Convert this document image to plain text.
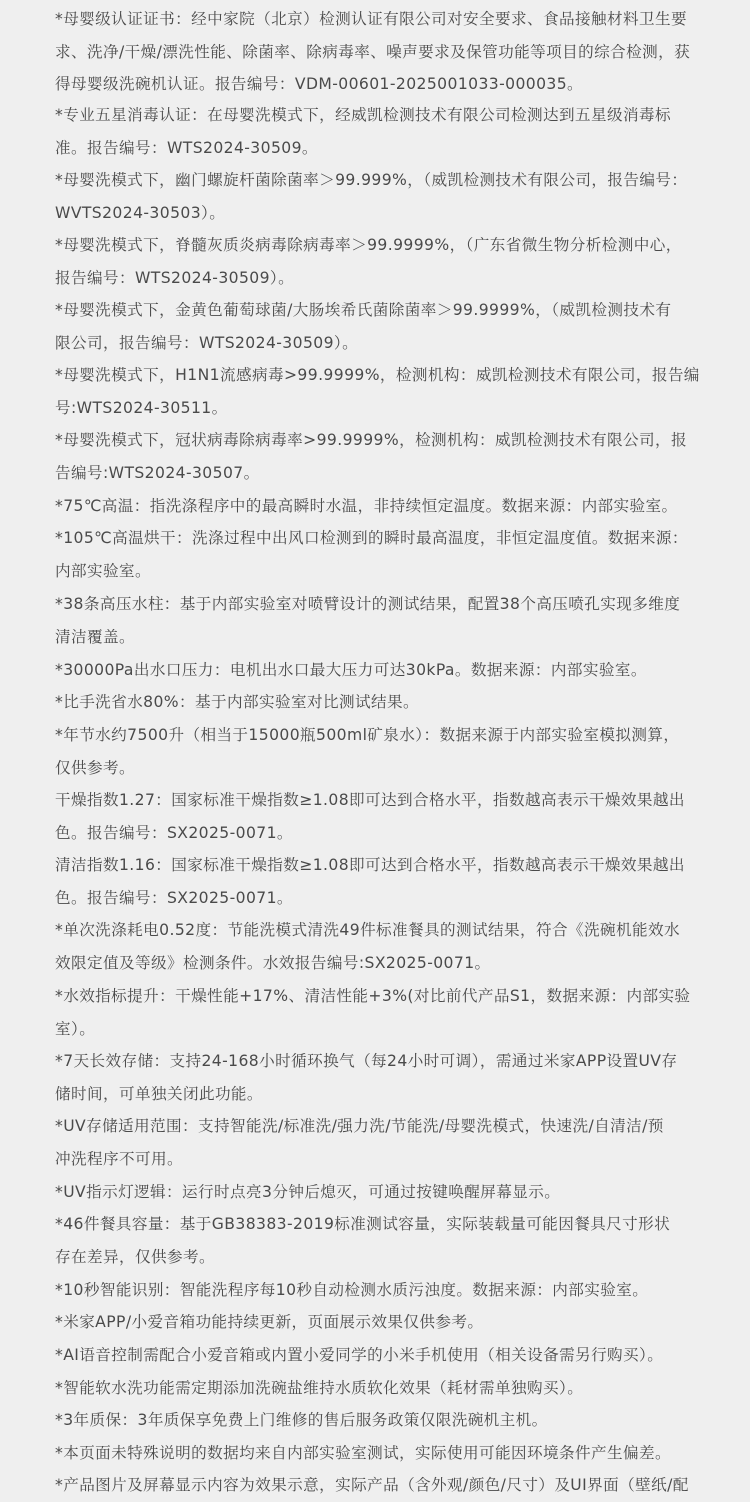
*母婴级认证证书：经中家院（北京）检测认证有限公司对安全要求、食品接触材料卫生要
求、洗净/干燥/漂洗性能、除菌率、除病毒率、噪声要求及保管功能等项目的综合检测，获
得母婴级洗碗机认证。报告编号：VDM-00601-2025001033-000035。

*专业五星消毒认证：在母婴洗模式下，经威凯检测技术有限公司检测达到五星级消毒标
准。报告编号：WTS2024-30509。

*母婴洗模式下，幽门螺旋杆菌除菌率＞99.999%，（威凯检测技术有限公司，报告编号：
WVTS2024-30503）。

*母婴洗模式下，脊髓灰质炎病毒除病毒率＞99.9999%，（广东省微生物分析检测中心，
报告编号：WTS2024-30509）。

*母婴洗模式下，金黄色葡萄球菌/大肠埃希氏菌除菌率＞99.9999%，（威凯检测技术有
限公司，报告编号：WTS2024-30509）。

*母婴洗模式下，H1N1流感病毒>99.9999%，检测机构：威凯检测技术有限公司，报告编
号:WTS2024-30511。

*母婴洗模式下，冠状病毒除病毒率>99.9999%，检测机构：威凯检测技术有限公司，报
告编号:WTS2024-30507。

*75℃高温：指洗涤程序中的最高瞬时水温，非持续恒定温度。数据来源：内部实验室。

*105℃高温烘干：洗涤过程中出风口检测到的瞬时最高温度，非恒定温度值。数据来源：
内部实验室。

*38条高压水柱：基于内部实验室对喷臂设计的测试结果，配置38个高压喷孔实现多维度
清洁覆盖。

*30000Pa出水口压力：电机出水口最大压力可达30kPa。数据来源：内部实验室。

*比手洗省水80%：基于内部实验室对比测试结果。

*年节水约7500升（相当于15000瓶500ml矿泉水）：数据来源于内部实验室模拟测算，
仅供参考。

干燥指数1.27：国家标准干燥指数≥1.08即可达到合格水平，指数越高表示干燥效果越出
色。报告编号：SX2025-0071。

清洁指数1.16：国家标准干燥指数≥1.08即可达到合格水平，指数越高表示干燥效果越出
色。报告编号：SX2025-0071。

*单次洗涤耗电0.52度：节能洗模式清洗49件标准餐具的测试结果，符合《洗碗机能效水
效限定值及等级》检测条件。水效报告编号:SX2025-0071。

*水效指标提升：干燥性能+17%、清洁性能+3%(对比前代产品S1，数据来源：内部实验
室）。

*7天长效存储：支持24-168小时循环换气（每24小时可调），需通过米家APP设置UV存
储时间，可单独关闭此功能。

*UV存储适用范围：支持智能洗/标准洗/强力洗/节能洗/母婴洗模式，快速洗/自清洁/预
冲洗程序不可用。

*UV指示灯逻辑：运行时点亮3分钟后熄灭，可通过按键唤醒屏幕显示。

*46件餐具容量：基于GB38383-2019标准测试容量，实际装载量可能因餐具尺寸形状
存在差异，仅供参考。

*10秒智能识别：智能洗程序每10秒自动检测水质污浊度。数据来源：内部实验室。

*米家APP/小爱音箱功能持续更新，页面展示效果仅供参考。

*AI语音控制需配合小爱音箱或内置小爱同学的小米手机使用（相关设备需另行购买）。

*智能软水洗功能需定期添加洗碗盐维持水质软化效果（耗材需单独购买）。

*3年质保：3年质保享免费上门维修的售后服务政策仅限洗碗机主机。

*本页面未特殊说明的数据均来自内部实验室测试，实际使用可能因环境条件产生偏差。

*产品图片及屏幕显示内容为效果示意，实际产品（含外观/颜色/尺寸）及UI界面（壁纸/配
